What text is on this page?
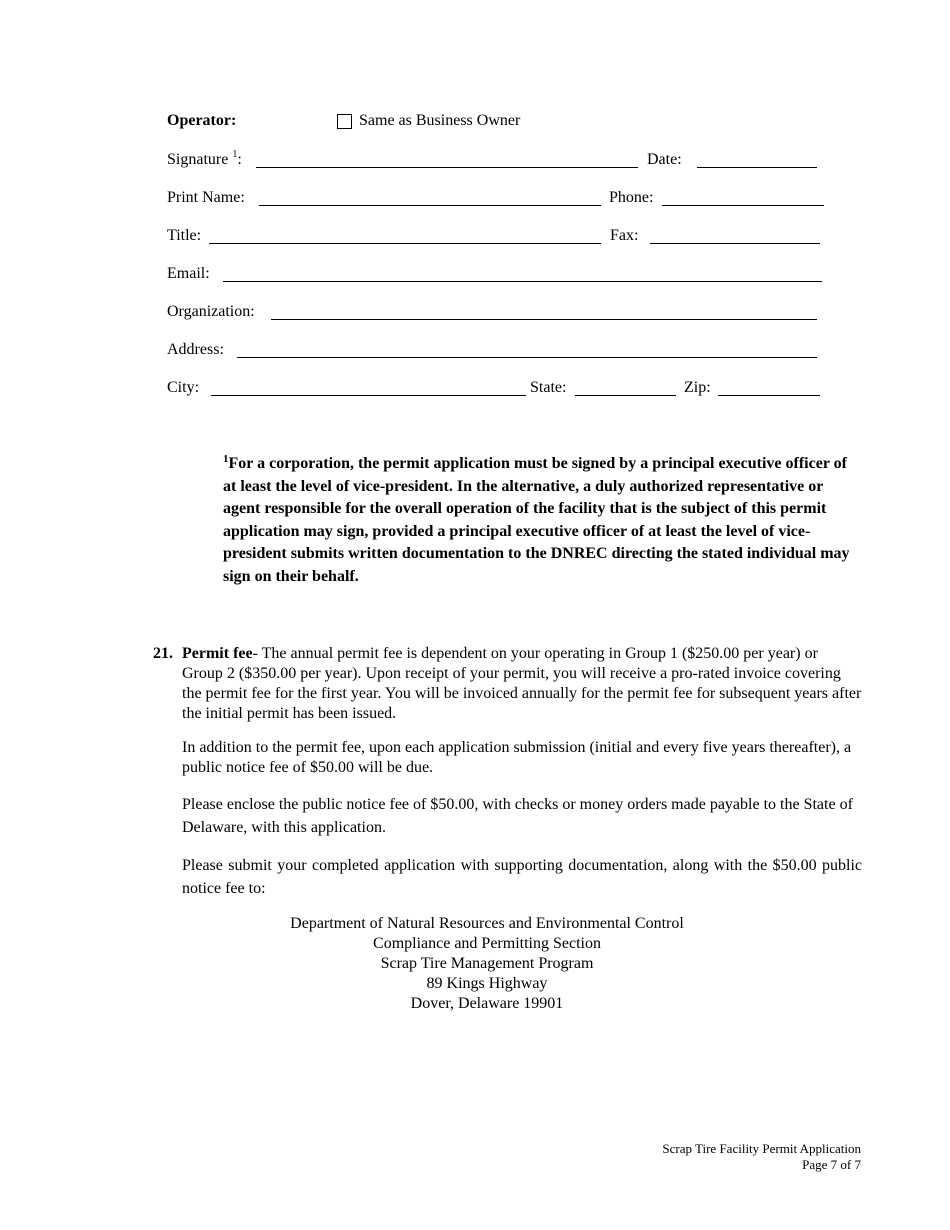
Operator:	Same as Business Owner
Signature $^1$:	Date:
Print Name:	Phone:
Title:	Fax:
Email:
Organization:
Address:
City:	State:	Zip:
$^1$For a corporation, the permit application must be signed by a principal executive officer of at least the level of vice-president. In the alternative, a duly authorized representative or agent responsible for the overall operation of the facility that is the subject of this permit application may sign, provided a principal executive officer of at least the level of vice-president submits written documentation to the DNREC directing the stated individual may sign on their behalf.
21. Permit fee- The annual permit fee is dependent on your operating in Group 1 ($250.00 per year) or Group 2 ($350.00 per year). Upon receipt of your permit, you will receive a pro-rated invoice covering the permit fee for the first year. You will be invoiced annually for the permit fee for subsequent years after the initial permit has been issued.
In addition to the permit fee, upon each application submission (initial and every five years thereafter), a public notice fee of $50.00 will be due.
Please enclose the public notice fee of $50.00, with checks or money orders made payable to the State of Delaware, with this application.
Please submit your completed application with supporting documentation, along with the $50.00 public notice fee to:
Department of Natural Resources and Environmental Control
Compliance and Permitting Section
Scrap Tire Management Program
89 Kings Highway
Dover, Delaware 19901
Scrap Tire Facility Permit Application
Page 7 of 7
